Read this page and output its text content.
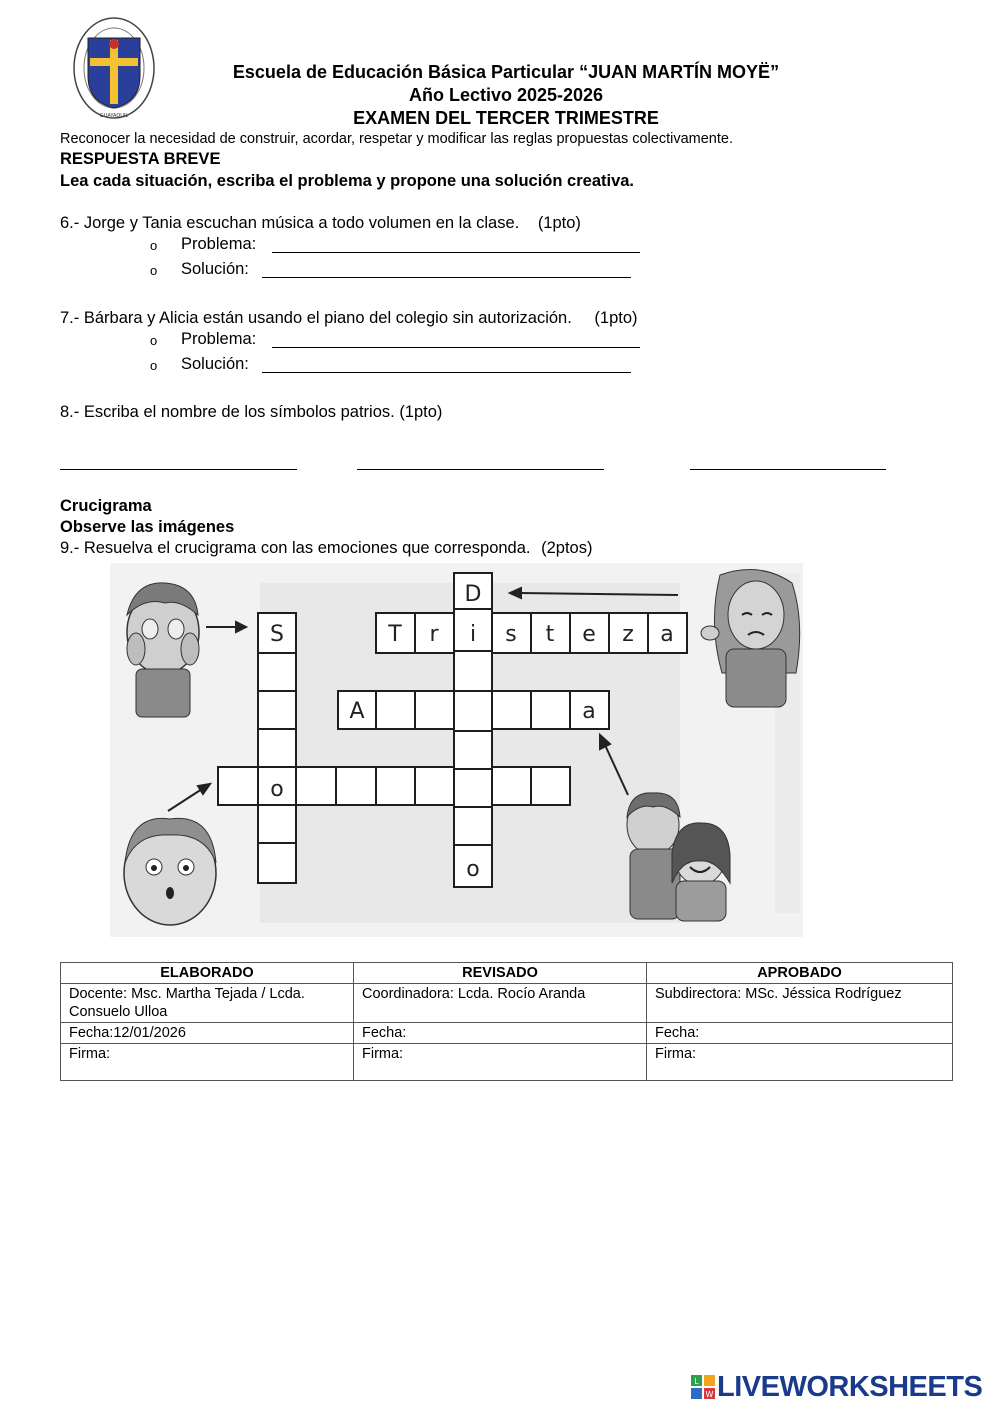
GUAYAQUIL
Escuela de Educación Básica Particular “JUAN MARTÍN MOYË”
Año Lectivo 2025-2026
EXAMEN DEL TERCER TRIMESTRE
Reconocer la necesidad de construir, acordar, respetar y modificar las reglas propuestas colectivamente.
RESPUESTA BREVE
Lea cada situación, escriba el problema y propone una solución creativa.
6.- Jorge y Tania escuchan música a todo volumen en la clase. (1pto)
o Problema:
o Solución:
7.- Bárbara y Alicia están usando el piano del colegio sin autorización. (1pto)
o Problema:
o Solución:
8.- Escriba el nombre de los símbolos patrios. (1pto)
Crucigrama
Observe las imágenes
9.- Resuelva el crucigrama con las emociones que corresponda. (2ptos)
D
S	T r i s t e z a
A	a
o
o
ELABORADO	REVISADO	APROBADO
Docente: Msc. Martha Tejada / Lcda. Consuelo Ulloa	Coordinadora: Lcda. Rocío Aranda	Subdirectora: MSc. Jéssica Rodríguez
Fecha:12/01/2026	Fecha:	Fecha:
Firma:	Firma:	Firma:
L
W LIVEWORKSHEETS
